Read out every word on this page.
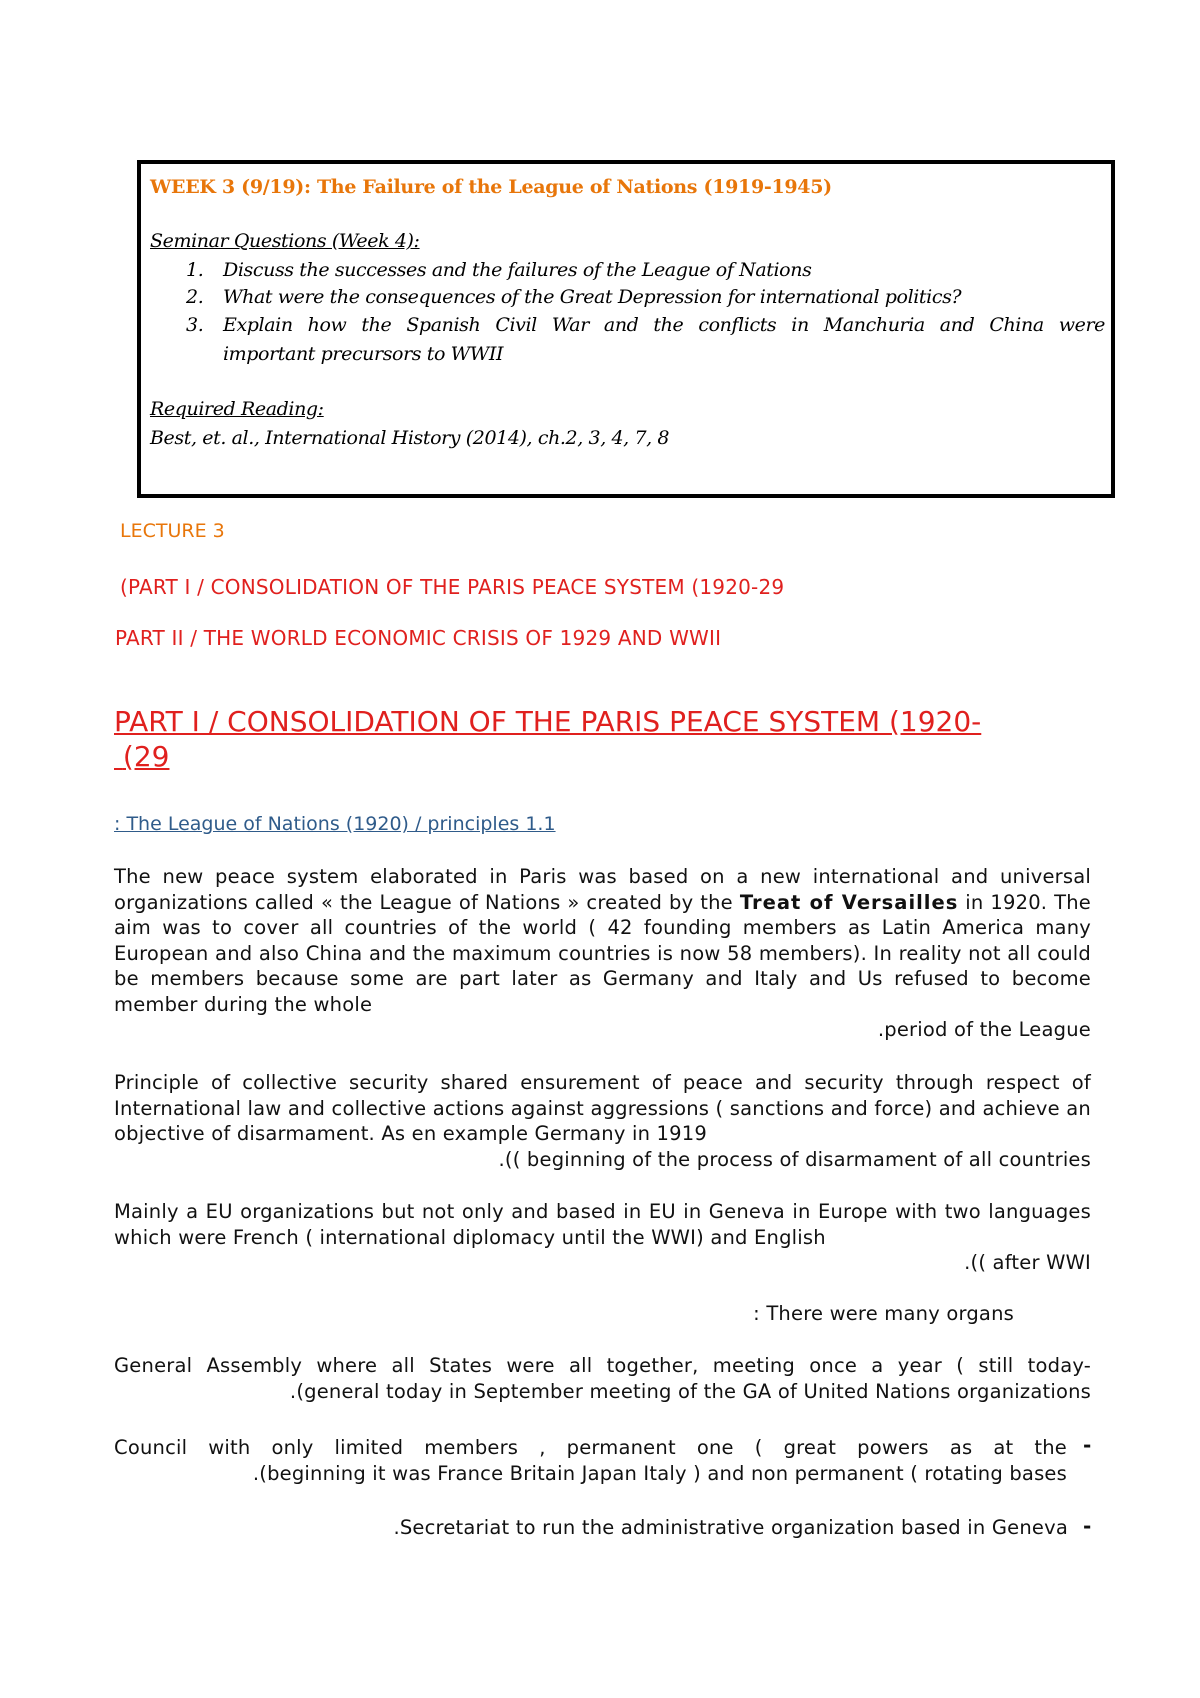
WEEK 3 (9/19): The Failure of the League of Nations (1919-1945)
Seminar Questions (Week 4):
1. Discuss the successes and the failures of the League of Nations
2. What were the consequences of the Great Depression for international politics?
3. Explain how the Spanish Civil War and the conflicts in Manchuria and China were
important precursors to WWII
Required Reading:
Best, et. al., International History (2014), ch.2, 3, 4, 7, 8
LECTURE 3
(PART I / CONSOLIDATION OF THE PARIS PEACE SYSTEM (1920-29
PART II / THE WORLD ECONOMIC CRISIS OF 1929 AND WWII
PART I / CONSOLIDATION OF THE PARIS PEACE SYSTEM (1920-
(29
: The League of Nations (1920) / principles 1.1
The new peace system elaborated in Paris was based on a new international and universal organizations called « the League of Nations » created by the Treat of Versailles in 1920. The aim was to cover all countries of the world ( 42 founding members as Latin America many European and also China and the maximum countries is now 58 members). In reality not all could be members because some are part later as Germany and Italy and Us refused to become member during the whole
.period of the League
Principle of collective security shared ensurement of peace and security through respect of International law and collective actions against aggressions ( sanctions and force) and achieve an objective of disarmament. As en example Germany in 1919
.(( beginning of the process of disarmament of all countries
Mainly a EU organizations but not only and based in EU in Geneva in Europe with two languages which were French ( international diplomacy until the WWI) and English
.(( after WWI
: There were many organs
General Assembly where all States were all together, meeting once a year ( still today-
.(general today in September meeting of the GA of United Nations organizations
Council with only limited members , permanent one ( great powers as at the
.(beginning it was France Britain Japan Italy ) and non permanent ( rotating bases
-
.Secretariat to run the administrative organization based in Geneva -
